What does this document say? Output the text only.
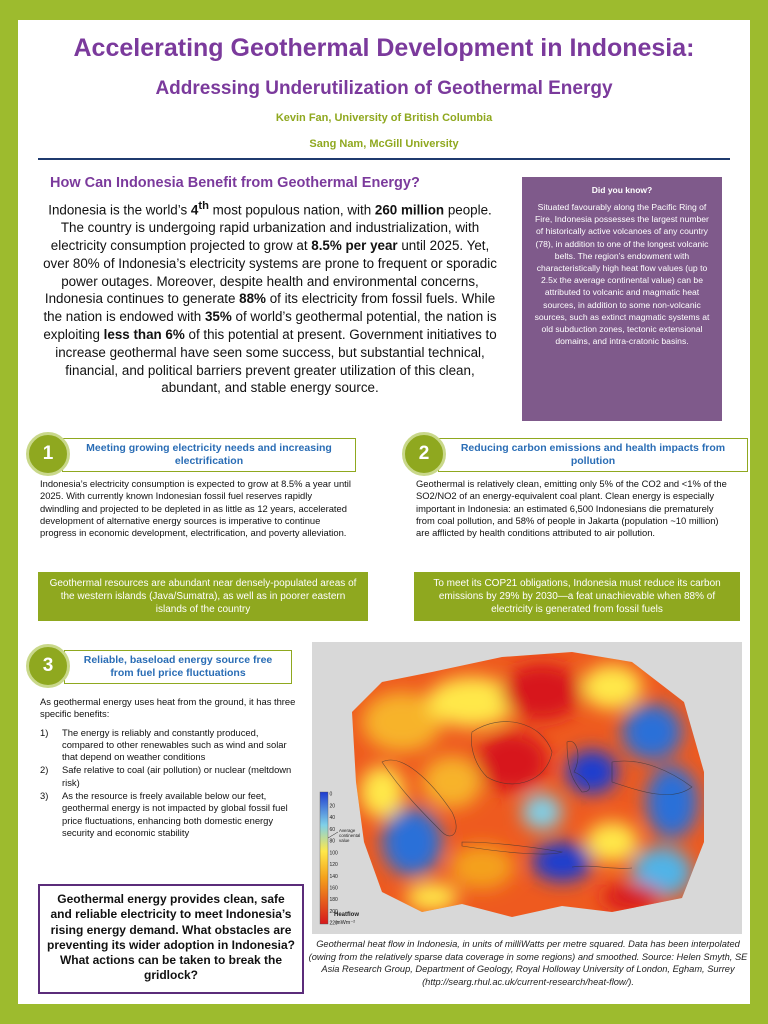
Accelerating Geothermal Development in Indonesia:
Addressing Underutilization of Geothermal Energy
Kevin Fan, University of British Columbia
Sang Nam, McGill University
How Can Indonesia Benefit from Geothermal Energy?
Indonesia is the world’s 4th most populous nation, with 260 million people. The country is undergoing rapid urbanization and industrialization, with electricity consumption projected to grow at 8.5% per year until 2025. Yet, over 80% of Indonesia’s electricity systems are prone to frequent or sporadic power outages. Moreover, despite health and environmental concerns, Indonesia continues to generate 88% of its electricity from fossil fuels. While the nation is endowed with 35% of world’s geothermal potential, the nation is exploiting less than 6% of this potential at present. Government initiatives to increase geothermal have seen some success, but substantial technical, financial, and political barriers prevent greater utilization of this clean, abundant, and stable energy source.
Did you know?
Situated favourably along the Pacific Ring of Fire, Indonesia possesses the largest number of historically active volcanoes of any country (78), in addition to one of the longest volcanic belts. The region’s endowment with characteristically high heat flow values (up to 2.5x the average continental value) can be attributed to volcanic and magmatic heat sources, in addition to some non-volcanic sources, such as extinct magmatic systems at old subduction zones, tectonic extensional domains, and intra-cratonic basins.
Meeting growing electricity needs and increasing electrification
1
Indonesia’s electricity consumption is expected to grow at 8.5% a year until 2025. With currently known Indonesian fossil fuel reserves rapidly dwindling and projected to be depleted in as little as 12 years, accelerated development of alternative energy sources is imperative to continue progress in economic development, electrification, and poverty alleviation.
Geothermal resources are abundant near densely-populated areas of the western islands (Java/Sumatra), as well as in poorer eastern islands of the country
Reducing carbon emissions and health impacts from pollution
2
Geothermal is relatively clean, emitting only 5% of the CO2 and <1% of the SO2/NO2 of an energy-equivalent coal plant. Clean energy is especially important in Indonesia: an estimated 6,500 Indonesians die prematurely from coal pollution, and 58% of people in Jakarta (population ~10 million) are afflicted by health conditions attributed to air pollution.
To meet its COP21 obligations, Indonesia must reduce its carbon emissions by 29% by 2030—a feat unachievable when 88% of electricity is generated from fossil fuels
Reliable, baseload energy source free from fuel price fluctuations
3
As geothermal energy uses heat from the ground, it has three specific benefits:
1) The energy is reliably and constantly produced, compared to other renewables such as wind and solar that depend on weather conditions
2) Safe relative to coal (air pollution) or nuclear (meltdown risk)
3) As the resource is freely available below our feet, geothermal energy is not impacted by global fossil fuel price fluctuations, enhancing both domestic energy security and economic stability
Geothermal energy provides clean, safe and reliable electricity to meet Indonesia’s rising energy demand. What obstacles are preventing its wider adoption in Indonesia? What actions can be taken to break the gridlock?
0
20
40
60
80
100
120
140
160
180
200
220
Average continental value
Heatflow
mWm⁻²
Geothermal heat flow in Indonesia, in units of milliWatts per metre squared. Data has been interpolated (owing from the relatively sparse data coverage in some regions) and smoothed. Source: Helen Smyth, SE Asia Research Group, Department of Geology, Royal Holloway University of London, Egham, Surrey (http://searg.rhul.ac.uk/current-research/heat-flow/).
